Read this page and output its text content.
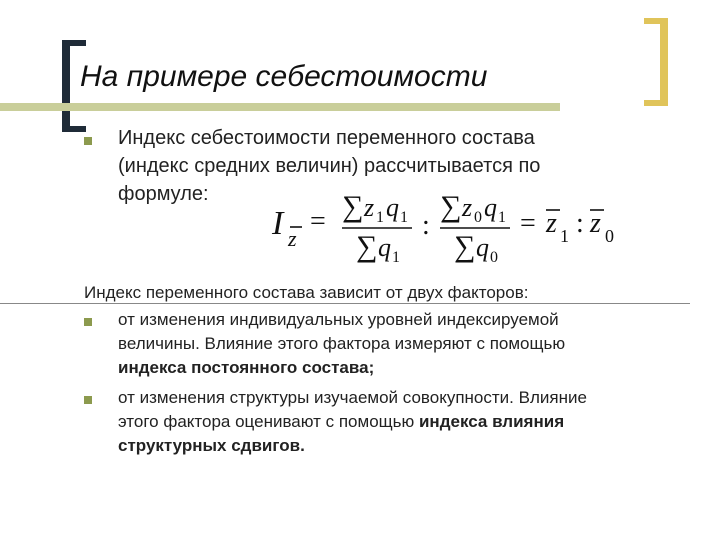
На примере себестоимости
Индекс себестоимости переменного состава
(индекс средних величин) рассчитывается по
формуле:
I z
= ∑ z 1 q 1
∑ q 1
:
∑ z 0 q 1
∑ q 0
= z 1 : z 0
Индекс переменного состава зависит от двух факторов:
от изменения индивидуальных уровней индексируемой
величины. Влияние этого фактора измеряют с помощью
индекса постоянного состава;
от изменения структуры изучаемой совокупности. Влияние
этого фактора оценивают с помощью индекса влияния
структурных сдвигов.
